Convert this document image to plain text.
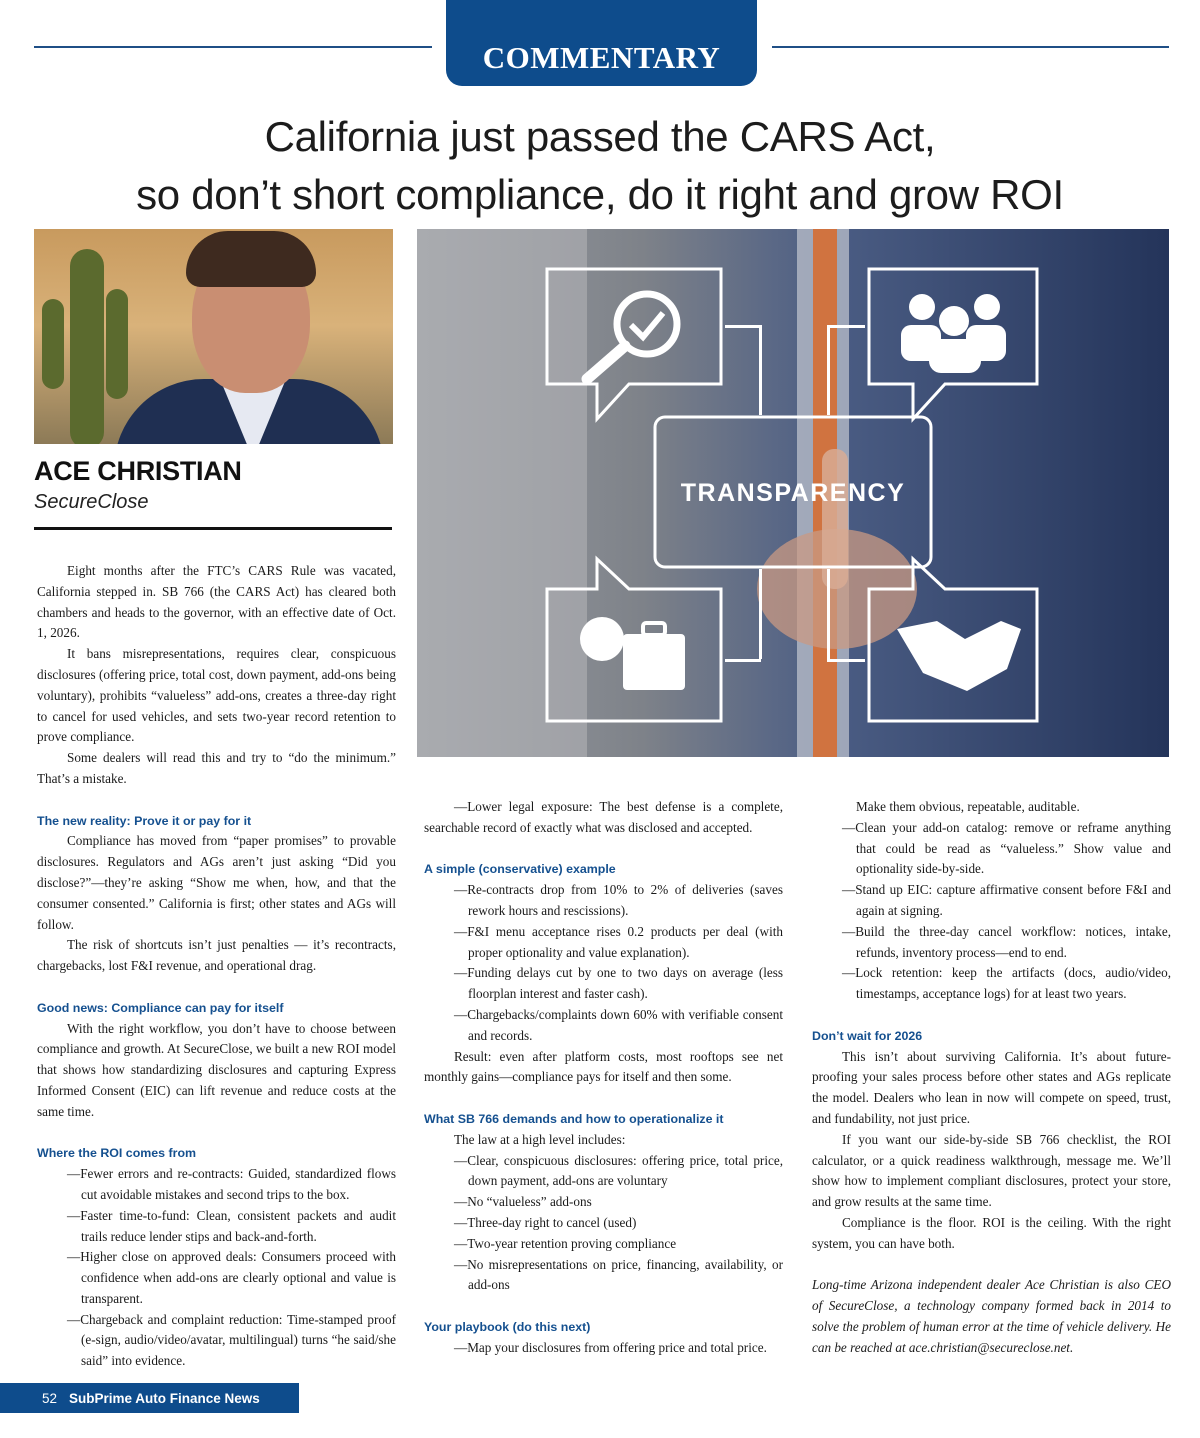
COMMENTARY
California just passed the CARS Act,
so don’t short compliance, do it right and grow ROI
ACE CHRISTIAN
SecureClose	TRANSPARENCY

Eight months after the FTC’s CARS Rule was vacated, California stepped in. SB 766 (the CARS Act) has cleared both chambers and heads to the governor, with an effective date of Oct. 1, 2026.

It bans misrepresentations, requires clear, conspicuous disclosures (offering price, total cost, down payment, add-ons being voluntary), prohibits “valueless” add-ons, creates a three-day right to cancel for used vehicles, and sets two-year record retention to prove compliance.

Some dealers will read this and try to “do the minimum.” That’s a mistake.

The new reality: Prove it or pay for it

Compliance has moved from “paper promises” to provable disclosures. Regulators and AGs aren’t just asking “Did you disclose?”—they’re asking “Show me when, how, and that the consumer consented.” California is first; other states and AGs will follow.

The risk of shortcuts isn’t just penalties — it’s recontracts, chargebacks, lost F&I revenue, and operational drag.

Good news: Compliance can pay for itself

With the right workflow, you don’t have to choose between compliance and growth. At SecureClose, we built a new ROI model that shows how standardizing disclosures and capturing Express Informed Consent (EIC) can lift revenue and reduce costs at the same time.

Where the ROI comes from

—Fewer errors and re-contracts: Guided, standardized flows cut avoidable mistakes and second trips to the box.

—Faster time-to-fund: Clean, consistent packets and audit trails reduce lender stips and back-and-forth.

—Higher close on approved deals: Consumers proceed with confidence when add-ons are clearly optional and value is transparent.

—Chargeback and complaint reduction: Time-stamped proof (e-sign, audio/video/avatar, multilingual) turns “he said/she said” into evidence.

—Lower legal exposure: The best defense is a complete, searchable record of exactly what was disclosed and accepted.

A simple (conservative) example

—Re-contracts drop from 10% to 2% of deliveries (saves rework hours and rescissions).

—F&I menu acceptance rises 0.2 products per deal (with proper optionality and value explanation).

—Funding delays cut by one to two days on average (less floorplan interest and faster cash).

—Chargebacks/complaints down 60% with verifiable consent and records.

Result: even after platform costs, most rooftops see net monthly gains—compliance pays for itself and then some.

What SB 766 demands and how to operationalize it

The law at a high level includes:

—Clear, conspicuous disclosures: offering price, total price, down payment, add-ons are voluntary

—No “valueless” add-ons

—Three-day right to cancel (used)

—Two-year retention proving compliance

—No misrepresentations on price, financing, availability, or add-ons

Your playbook (do this next)

—Map your disclosures from offering price and total price.

Make them obvious, repeatable, auditable.

—Clean your add-on catalog: remove or reframe anything that could be read as “valueless.” Show value and optionality side-by-side.

—Stand up EIC: capture affirmative consent before F&I and again at signing.

—Build the three-day cancel workflow: notices, intake, refunds, inventory process—end to end.

—Lock retention: keep the artifacts (docs, audio/video, timestamps, acceptance logs) for at least two years.

Don’t wait for 2026

This isn’t about surviving California. It’s about future-proofing your sales process before other states and AGs replicate the model. Dealers who lean in now will compete on speed, trust, and fundability, not just price.

If you want our side-by-side SB 766 checklist, the ROI calculator, or a quick readiness walkthrough, message me. We’ll show how to implement compliant disclosures, protect your store, and grow results at the same time.

Compliance is the floor. ROI is the ceiling. With the right system, you can have both.

Long-time Arizona independent dealer Ace Christian is also CEO of SecureClose, a technology company formed back in 2014 to solve the problem of human error at the time of vehicle delivery. He can be reached at ace.christian@secureclose.net.

52 SubPrime Auto Finance News
